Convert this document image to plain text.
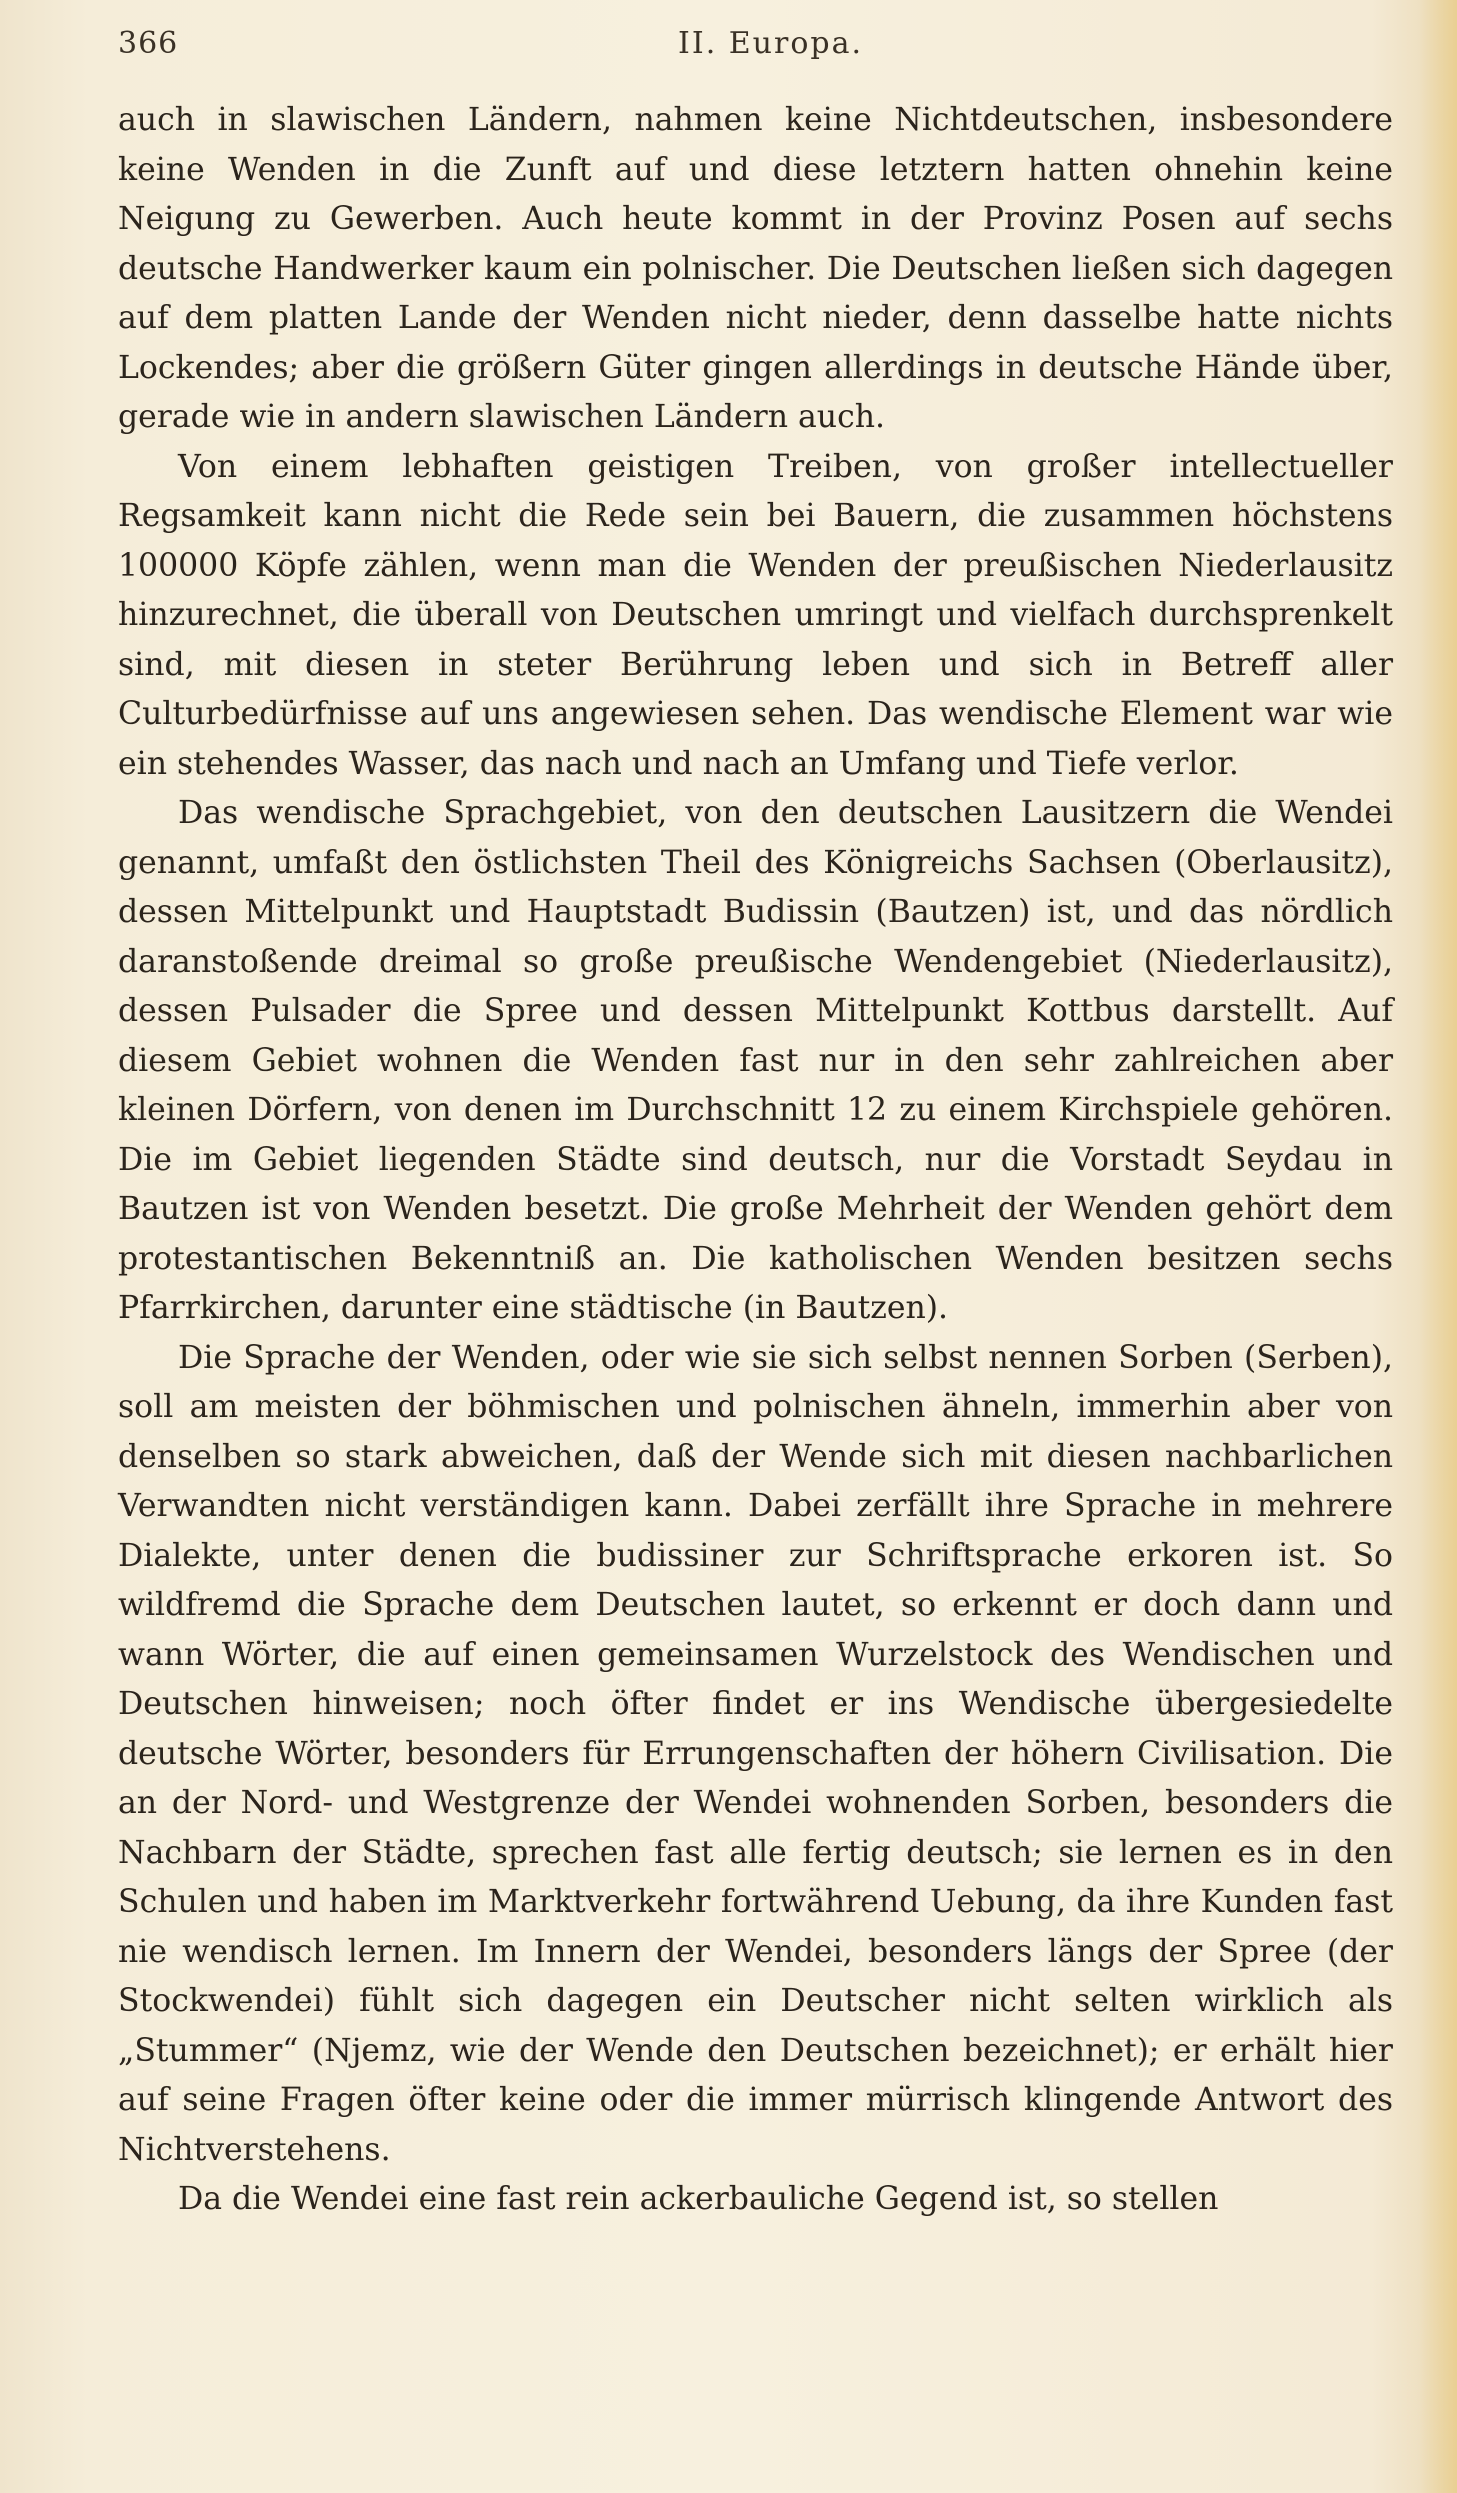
366	II. Europa.

auch in slawischen Ländern, nahmen keine Nichtdeutschen, insbesondere keine Wenden in die Zunft auf und diese letztern hatten ohnehin keine Neigung zu Gewerben. Auch heute kommt in der Provinz Posen auf sechs deutsche Handwerker kaum ein polnischer. Die Deutschen ließen sich dagegen auf dem platten Lande der Wenden nicht nieder, denn dasselbe hatte nichts Lockendes; aber die größern Güter gingen allerdings in deutsche Hände über, gerade wie in andern slawischen Ländern auch.

Von einem lebhaften geistigen Treiben, von großer intellectueller Regsamkeit kann nicht die Rede sein bei Bauern, die zusammen höchstens 100000 Köpfe zählen, wenn man die Wenden der preußischen Niederlausitz hinzurechnet, die überall von Deutschen umringt und vielfach durchsprenkelt sind, mit diesen in steter Berührung leben und sich in Betreff aller Culturbedürfnisse auf uns angewiesen sehen. Das wendische Element war wie ein stehendes Wasser, das nach und nach an Umfang und Tiefe verlor.

Das wendische Sprachgebiet, von den deutschen Lausitzern die Wendei genannt, umfaßt den östlichsten Theil des Königreichs Sachsen (Oberlausitz), dessen Mittelpunkt und Hauptstadt Budissin (Bautzen) ist, und das nördlich daranstoßende dreimal so große preußische Wendengebiet (Niederlausitz), dessen Pulsader die Spree und dessen Mittelpunkt Kottbus darstellt. Auf diesem Gebiet wohnen die Wenden fast nur in den sehr zahlreichen aber kleinen Dörfern, von denen im Durchschnitt 12 zu einem Kirchspiele gehören. Die im Gebiet liegenden Städte sind deutsch, nur die Vorstadt Seydau in Bautzen ist von Wenden besetzt. Die große Mehrheit der Wenden gehört dem protestantischen Bekenntniß an. Die katholischen Wenden besitzen sechs Pfarrkirchen, darunter eine städtische (in Bautzen).

Die Sprache der Wenden, oder wie sie sich selbst nennen Sorben (Serben), soll am meisten der böhmischen und polnischen ähneln, immerhin aber von denselben so stark abweichen, daß der Wende sich mit diesen nachbarlichen Verwandten nicht verständigen kann. Dabei zerfällt ihre Sprache in mehrere Dialekte, unter denen die budissiner zur Schriftsprache erkoren ist. So wildfremd die Sprache dem Deutschen lautet, so erkennt er doch dann und wann Wörter, die auf einen gemeinsamen Wurzelstock des Wendischen und Deutschen hinweisen; noch öfter findet er ins Wendische übergesiedelte deutsche Wörter, besonders für Errungenschaften der höhern Civilisation. Die an der Nord- und Westgrenze der Wendei wohnenden Sorben, besonders die Nachbarn der Städte, sprechen fast alle fertig deutsch; sie lernen es in den Schulen und haben im Marktverkehr fortwährend Uebung, da ihre Kunden fast nie wendisch lernen. Im Innern der Wendei, besonders längs der Spree (der Stockwendei) fühlt sich dagegen ein Deutscher nicht selten wirklich als „Stummer“ (Njemz, wie der Wende den Deutschen bezeichnet); er erhält hier auf seine Fragen öfter keine oder die immer mürrisch klingende Antwort des Nichtverstehens.

Da die Wendei eine fast rein ackerbauliche Gegend ist, so stellen
